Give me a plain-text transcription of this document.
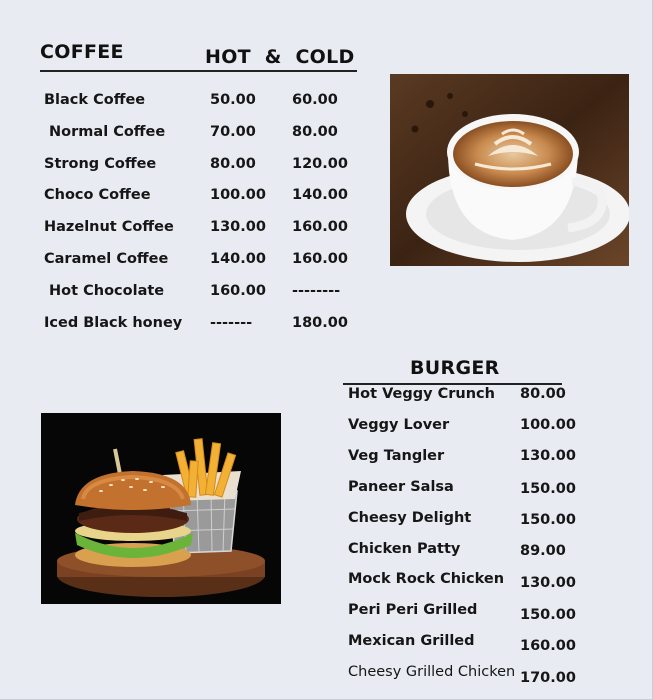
COFFEE	HOT  &  COLD
Black Coffee	50.00 60.00
Normal Coffee	70.00 80.00
Strong Coffee	80.00 120.00
Choco Coffee	100.00 140.00
Hazelnut Coffee 130.00 160.00
Caramel Coffee	140.00 160.00
Hot Chocolate	160.00 --------
Iced Black honey -------	180.00
BURGER
Hot Veggy Crunch 80.00
Veggy Lover	100.00
Veg Tangler	130.00
Paneer Salsa	150.00
Cheesy Delight	150.00
Chicken Patty	89.00
Mock Rock Chicken 130.00
Peri Peri Grilled	150.00
Mexican Grilled	160.00
Cheesy Grilled Chicken 170.00
